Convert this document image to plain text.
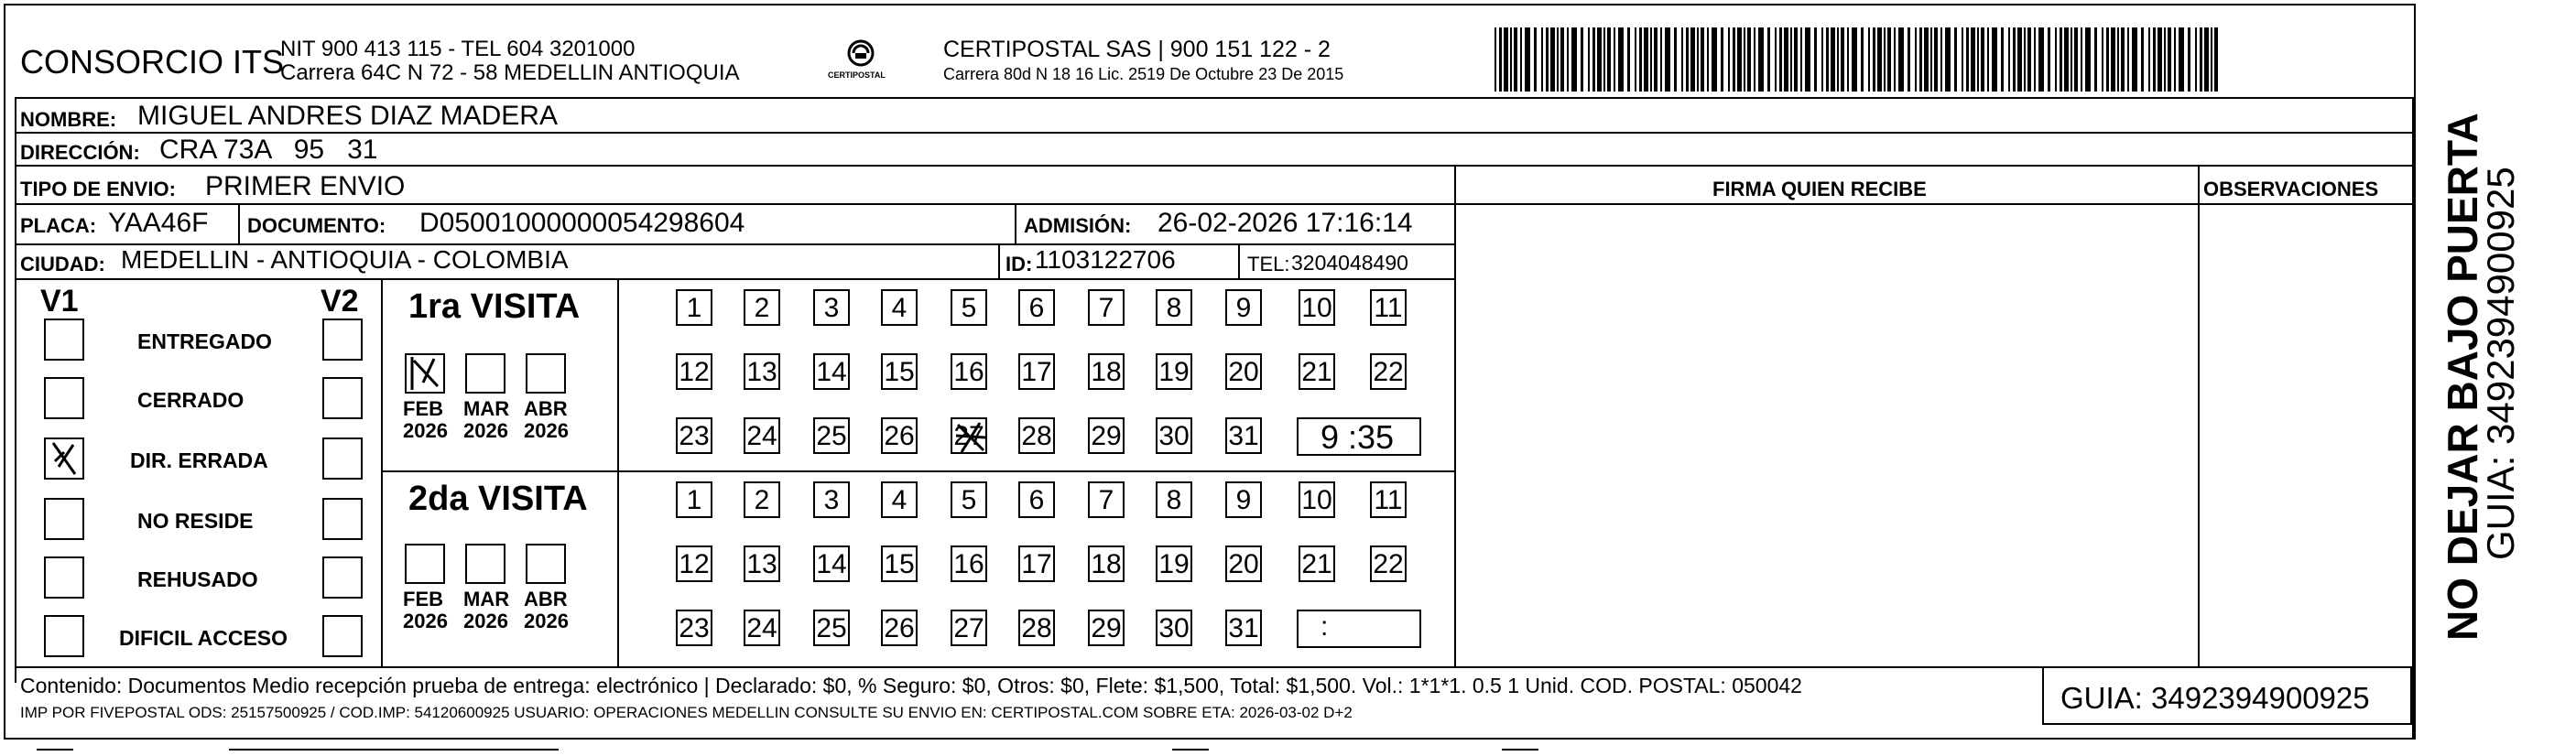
CONSORCIO ITS
NIT 900 413 115 - TEL 604 3201000
Carrera 64C N 72 - 58 MEDELLIN ANTIOQUIA	CERTIPOSTAL
CERTIPOSTAL SAS | 900 151 122 - 2
Carrera 80d N 18 16 Lic. 2519 De Octubre 23 De 2015
NOMBRE: MIGUEL ANDRES DIAZ MADERA
DIRECCIÓN: CRA 73A   95   31
TIPO DE ENVIO: PRIMER ENVIO
PLACA: YAA46F DOCUMENTO: D05001000000054298604	ADMISIÓN: 26-02-2026 17:16:14
CIUDAD: MEDELLIN - ANTIOQUIA - COLOMBIA	ID: 1103122706	TEL: 3204048490
FIRMA QUIEN RECIBE	OBSERVACIONES
V1	V2
ENTREGADO
CERRADO
DIR. ERRADA
NO RESIDE
REHUSADO
DIFICIL ACCESO
1ra VISITA
2da VISITA
FEB
2026
MAR
2026
ABR
2026
FEB
2026
MAR
2026
ABR
2026
1	2	3	4	5	6	7	8	9	10 11
12 13 14 15 16 17 18 19 20 21 22
23 24 25 26 27 28 29 30 31 9 :35
1	2	3	4	5	6	7	8	9	10 11
12 13 14 15 16 17 18 19 20 21 22
23 24 25 26 27 28 29 30 31 :
Contenido: Documentos Medio recepción prueba de entrega: electrónico | Declarado: $0, % Seguro: $0, Otros: $0, Flete: $1,500, Total: $1,500. Vol.: 1*1*1. 0.5 1 Unid. COD. POSTAL: 050042
IMP POR FIVEPOSTAL ODS: 25157500925 / COD.IMP: 54120600925 USUARIO: OPERACIONES MEDELLIN CONSULTE SU ENVIO EN: CERTIPOSTAL.COM SOBRE ETA: 2026-03-02 D+2	GUIA: 3492394900925
NO DEJAR BAJO PUERTA
GUIA: 3492394900925
